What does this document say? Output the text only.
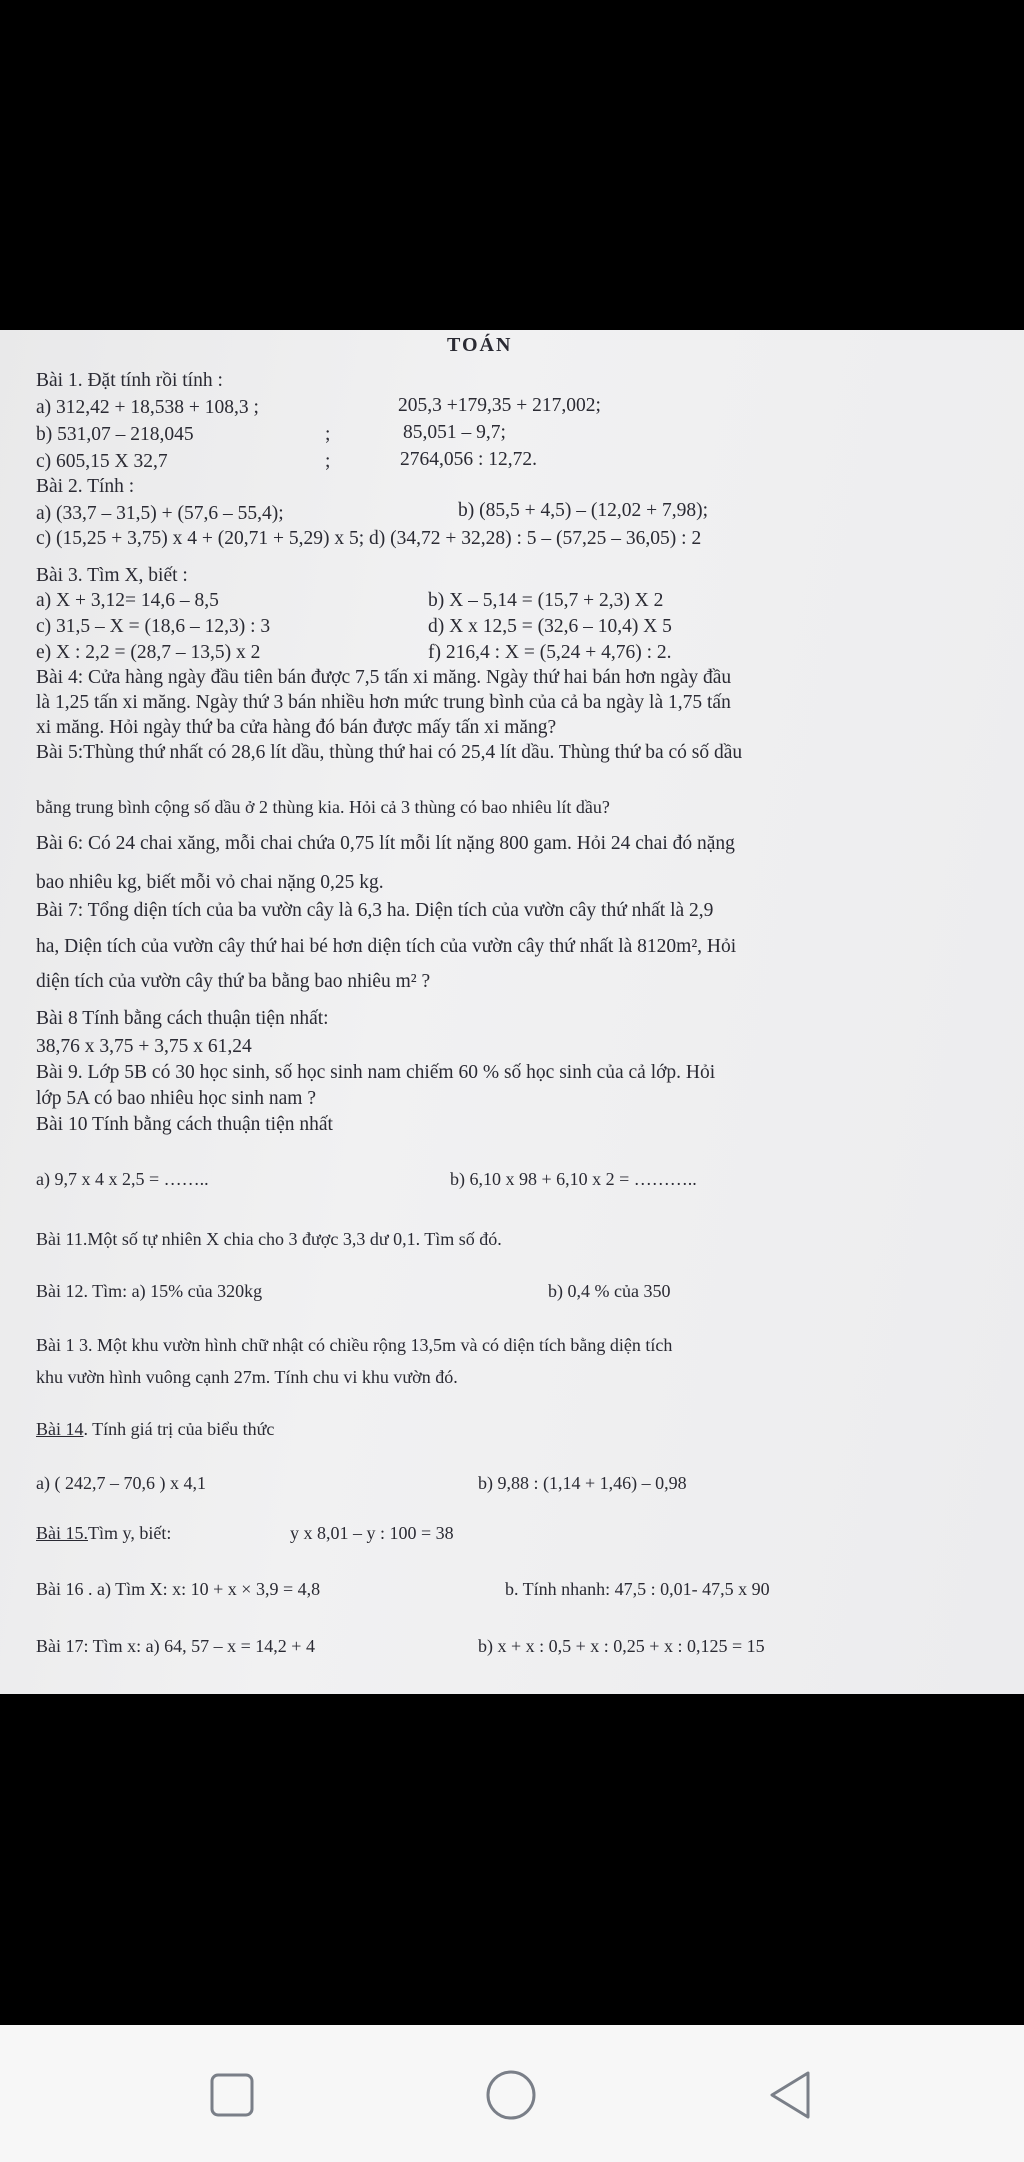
TOÁN
Bài 1. Đặt tính rồi tính :
a) 312,42 + 18,538 + 108,3 ;	205,3 +179,35 + 217,002;
b) 531,07 – 218,045	;	85,051 – 9,7;
c) 605,15 X 32,7	;	2764,056 : 12,72.
Bài 2. Tính :
a) (33,7 – 31,5) + (57,6 – 55,4);	b) (85,5 + 4,5) – (12,02 + 7,98);
c) (15,25 + 3,75) x 4 + (20,71 + 5,29) x 5; d) (34,72 + 32,28) : 5 – (57,25 – 36,05) : 2
Bài 3. Tìm X, biết :
a) X + 3,12= 14,6 – 8,5	b) X – 5,14 = (15,7 + 2,3) X 2
c) 31,5 – X = (18,6 – 12,3) : 3	d) X x 12,5 = (32,6 – 10,4) X 5
e) X : 2,2 = (28,7 – 13,5) x 2	f) 216,4 : X = (5,24 + 4,76) : 2.
Bài 4: Cửa hàng ngày đầu tiên bán được 7,5 tấn xi măng. Ngày thứ hai bán hơn ngày đầu
là 1,25 tấn xi măng. Ngày thứ 3 bán nhiều hơn mức trung bình của cả ba ngày là 1,75 tấn
xi măng. Hỏi ngày thứ ba cửa hàng đó bán được mấy tấn xi măng?
Bài 5:Thùng thứ nhất có 28,6 lít dầu, thùng thứ hai có 25,4 lít dầu. Thùng thứ ba có số dầu
bằng trung bình cộng số dầu ở 2 thùng kia. Hỏi cả 3 thùng có bao nhiêu lít dầu?
Bài 6: Có 24 chai xăng, mỗi chai chứa 0,75 lít mỗi lít nặng 800 gam. Hỏi 24 chai đó nặng
bao nhiêu kg, biết mỗi vỏ chai nặng 0,25 kg.
Bài 7: Tổng diện tích của ba vườn cây là 6,3 ha. Diện tích của vườn cây thứ nhất là 2,9
ha, Diện tích của vườn cây thứ hai bé hơn diện tích của vườn cây thứ nhất là 8120m², Hỏi
diện tích của vườn cây thứ ba bằng bao nhiêu m² ?
Bài 8 Tính bằng cách thuận tiện nhất:
38,76 x 3,75 + 3,75 x 61,24
Bài 9. Lớp 5B có 30 học sinh, số học sinh nam chiếm 60 % số học sinh của cả lớp. Hỏi
lớp 5A có bao nhiêu học sinh nam ?
Bài 10 Tính bằng cách thuận tiện nhất
a) 9,7 x 4 x 2,5 = ……..	b) 6,10 x 98 + 6,10 x 2 = ………..
Bài 11.Một số tự nhiên X chia cho 3 được 3,3 dư 0,1. Tìm số đó.
Bài 12. Tìm: a) 15% của 320kg	b) 0,4 % của 350
Bài 1 3. Một khu vườn hình chữ nhật có chiều rộng 13,5m và có diện tích bằng diện tích
khu vườn hình vuông cạnh 27m. Tính chu vi khu vườn đó.
Bài 14. Tính giá trị của biểu thức
a) ( 242,7 – 70,6 ) x 4,1	b) 9,88 : (1,14 + 1,46) – 0,98
Bài 15.Tìm y, biết:	y x 8,01 – y : 100 = 38
Bài 16 . a) Tìm X: x: 10 + x × 3,9 = 4,8	b. Tính nhanh: 47,5 : 0,01- 47,5 x 90
Bài 17: Tìm x: a) 64, 57 – x = 14,2 + 4	b) x + x : 0,5 + x : 0,25 + x : 0,125 = 15
